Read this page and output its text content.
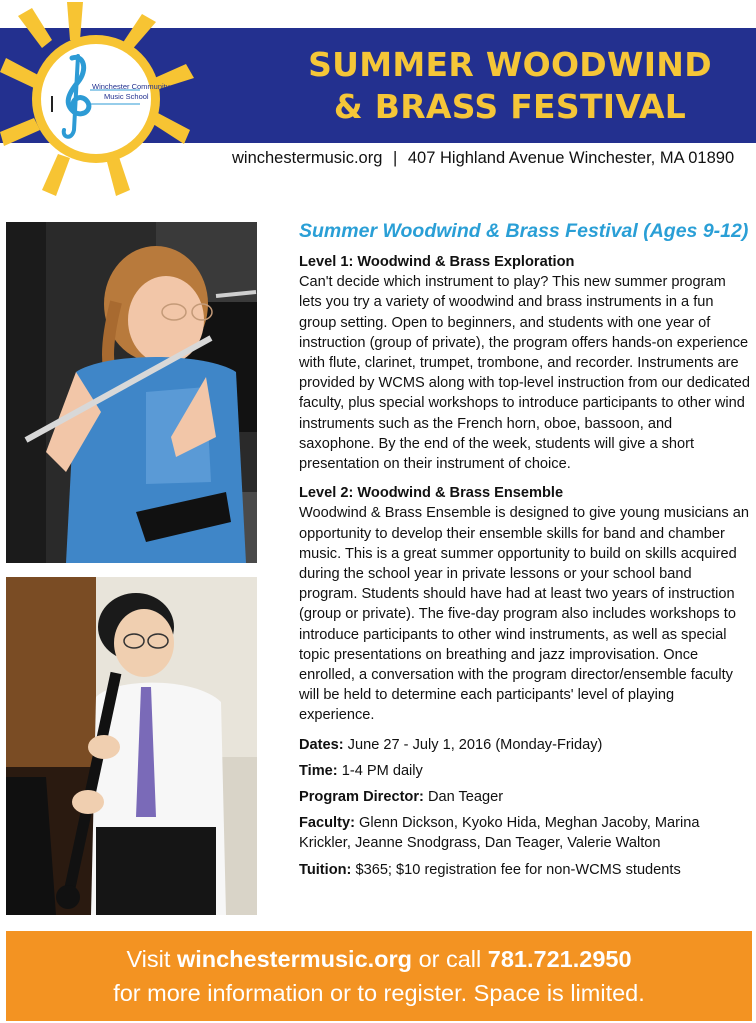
Winchester Community Music School
SUMMER WOODWIND
& BRASS FESTIVAL
winchestermusic.org | 407 Highland Avenue Winchester, MA 01890
Summer Woodwind & Brass Festival (Ages 9-12)
Level 1: Woodwind & Brass Exploration
Can't decide which instrument to play? This new summer program lets you try a variety of woodwind and brass instruments in a fun group setting. Open to beginners, and students with one year of instruction (group of private), the program offers hands-on experience with flute, clarinet, trumpet, trombone, and recorder. Instruments are provided by WCMS along with top-level instruction from our dedicated faculty, plus special workshops to introduce participants to other wind instruments such as the French horn, oboe, bassoon, and saxophone. By the end of the week, students will give a short presentation on their instrument of choice.
Level 2: Woodwind & Brass Ensemble
Woodwind & Brass Ensemble is designed to give young musicians an opportunity to develop their ensemble skills for band and chamber music. This is a great summer opportunity to build on skills acquired during the school year in private lessons or your school band program. Students should have had at least two years of instruction (group or private). The five-day program also includes workshops to introduce participants to other wind instruments, as well as special topic presentations on breathing and jazz improvisation. Once enrolled, a conversation with the program director/ensemble faculty will be held to determine each participants' level of playing experience.
Dates: June 27 - July 1, 2016 (Monday-Friday)
Time: 1-4 PM daily
Program Director: Dan Teager
Faculty: Glenn Dickson, Kyoko Hida, Meghan Jacoby, Marina Krickler, Jeanne Snodgrass, Dan Teager, Valerie Walton
Tuition: $365; $10 registration fee for non-WCMS students
Visit winchestermusic.org or call 781.721.2950
for more information or to register. Space is limited.
